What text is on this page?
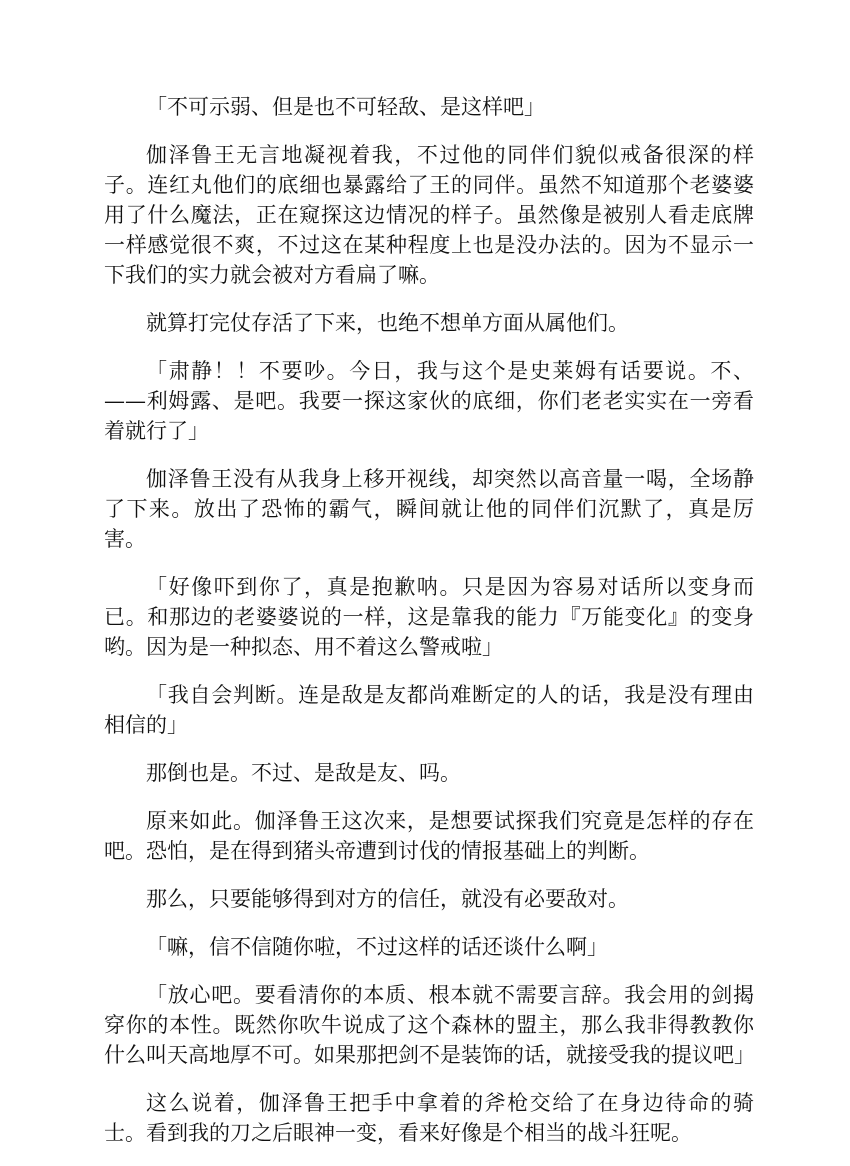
「不可示弱、但是也不可轻敌、是这样吧」

伽泽鲁王无言地凝视着我，不过他的同伴们貌似戒备很深的样子。连红丸他们的底细也暴露给了王的同伴。虽然不知道那个老婆婆用了什么魔法，正在窥探这边情况的样子。虽然像是被别人看走底牌一样感觉很不爽，不过这在某种程度上也是没办法的。因为不显示一下我们的实力就会被对方看扁了嘛。

就算打完仗存活了下来，也绝不想单方面从属他们。

「肃静！！不要吵。今日，我与这个是史莱姆有话要说。不、——利姆露、是吧。我要一探这家伙的底细，你们老老实实在一旁看着就行了」

伽泽鲁王没有从我身上移开视线，却突然以高音量一喝，全场静了下来。放出了恐怖的霸气，瞬间就让他的同伴们沉默了，真是厉害。

「好像吓到你了，真是抱歉呐。只是因为容易对话所以变身而已。和那边的老婆婆说的一样，这是靠我的能力『万能变化』的变身哟。因为是一种拟态、用不着这么警戒啦」

「我自会判断。连是敌是友都尚难断定的人的话，我是没有理由相信的」

那倒也是。不过、是敌是友、吗。

原来如此。伽泽鲁王这次来，是想要试探我们究竟是怎样的存在吧。恐怕，是在得到猪头帝遭到讨伐的情报基础上的判断。

那么，只要能够得到对方的信任，就没有必要敌对。

「嘛，信不信随你啦，不过这样的话还谈什么啊」

「放心吧。要看清你的本质、根本就不需要言辞。我会用的剑揭穿你的本性。既然你吹牛说成了这个森林的盟主，那么我非得教教你什么叫天高地厚不可。如果那把剑不是装饰的话，就接受我的提议吧」

这么说着，伽泽鲁王把手中拿着的斧枪交给了在身边待命的骑士。看到我的刀之后眼神一变，看来好像是个相当的战斗狂呢。
